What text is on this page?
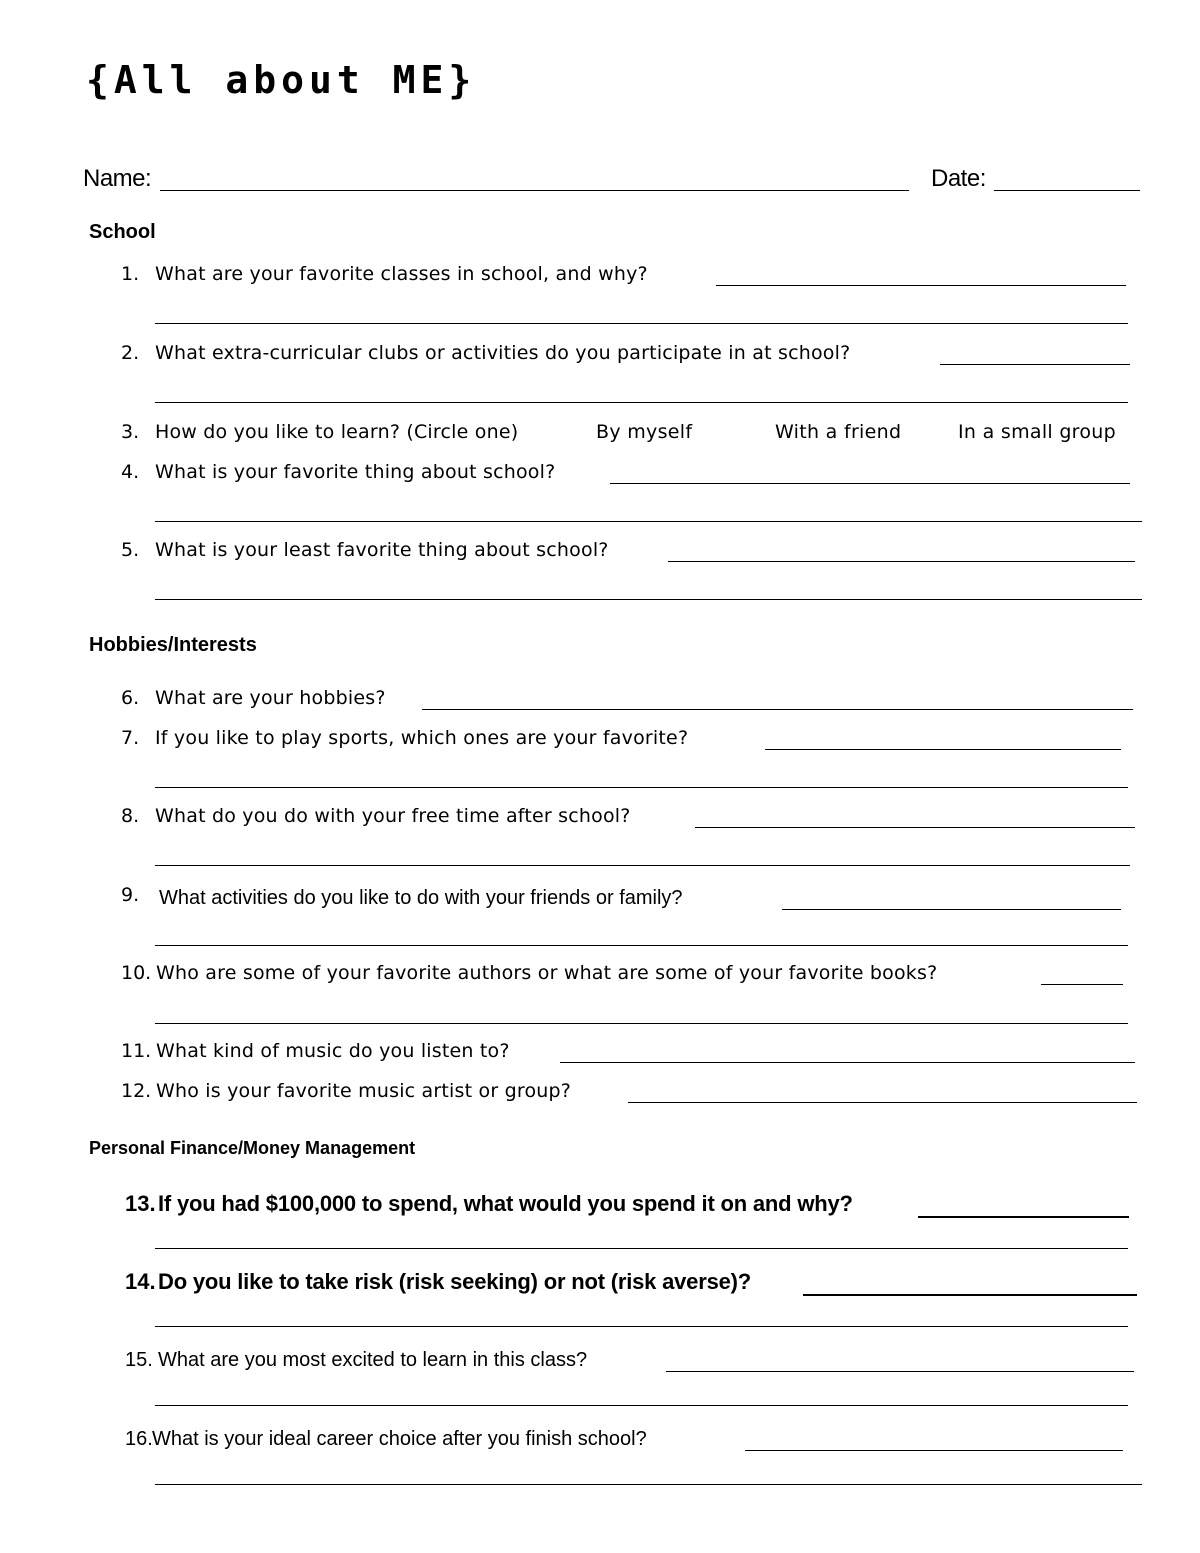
{All about ME}
Name:	Date:
School
1. What are your favorite classes in school, and why?
2. What extra-curricular clubs or activities do you participate in at school?
3. How do you like to learn? (Circle one)	By myself	With a friend	In a small group
4. What is your favorite thing about school?
5. What is your least favorite thing about school?
Hobbies/Interests
6. What are your hobbies?
7. If you like to play sports, which ones are your favorite?
8. What do you do with your free time after school?
9. What activities do you like to do with your friends or family?
10. Who are some of your favorite authors or what are some of your favorite books?
11. What kind of music do you listen to?
12. Who is your favorite music artist or group?
Personal Finance/Money Management
13. If you had $100,000 to spend, what would you spend it on and why?
14. Do you like to take risk (risk seeking) or not (risk averse)?
15. What are you most excited to learn in this class?
16. What is your ideal career choice after you finish school?
